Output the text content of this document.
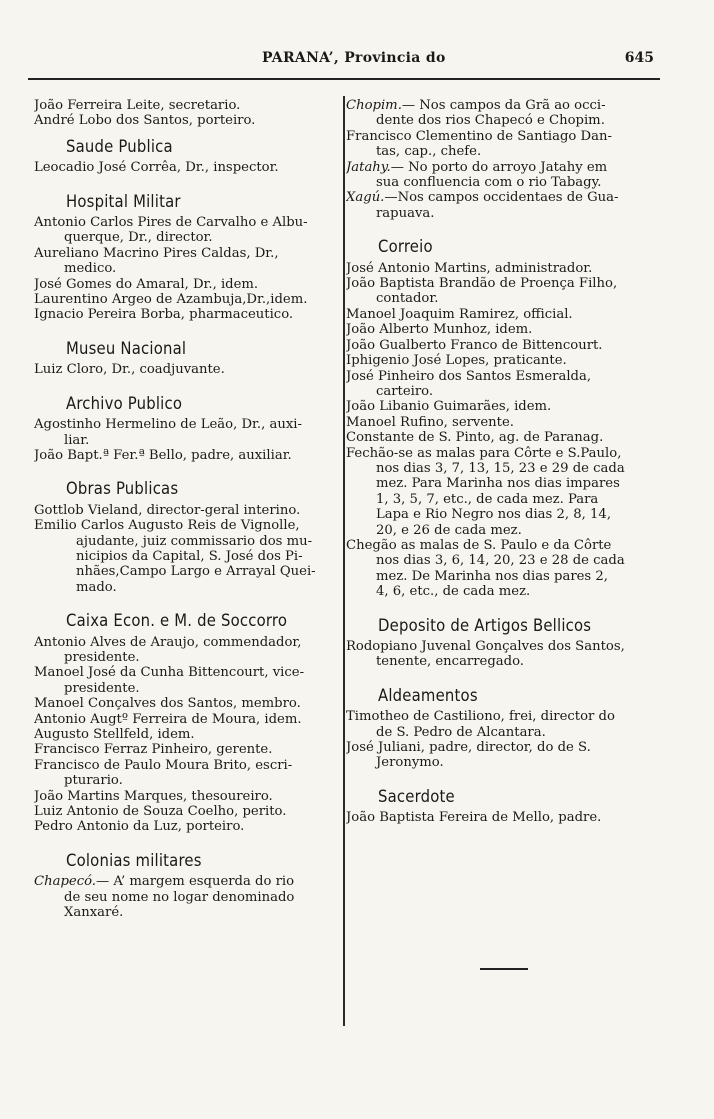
PARANA’, Provincia do	645

João Ferreira Leite, secretario.

André Lobo dos Santos, porteiro.

Saude Publica

Leocadio José Corrêa, Dr., inspector.

Hospital Militar

Antonio Carlos Pires de Carvalho e Albu-

querque, Dr., director.

Aureliano Macrino Pires Caldas, Dr.,

medico.

José Gomes do Amaral, Dr., idem.

Laurentino Argeo de Azambuja,Dr.,idem.

Ignacio Pereira Borba, pharmaceutico.

Museu Nacional

Luiz Cloro, Dr., coadjuvante.

Archivo Publico

Agostinho Hermelino de Leão, Dr., auxi-

liar.

João Bapt.ª Fer.ª Bello, padre, auxiliar.

Obras Publicas

Gottlob Vieland, director-geral interino.

Emilio Carlos Augusto Reis de Vignolle,

ajudante, juiz commissario dos mu-

nicipios da Capital, S. José dos Pi-

nhães,Campo Largo e Arrayal Quei-

mado.

Caixa Econ. e M. de Soccorro

Antonio Alves de Araujo, commendador,

presidente.

Manoel José da Cunha Bittencourt, vice-

presidente.

Manoel Conçalves dos Santos, membro.

Antonio Augtº Ferreira de Moura, idem.

Augusto Stellfeld, idem.

Francisco Ferraz Pinheiro, gerente.

Francisco de Paulo Moura Brito, escri-

pturario.

João Martins Marques, thesoureiro.

Luiz Antonio de Souza Coelho, perito.

Pedro Antonio da Luz, porteiro.

Colonias militares

Chapecó.— A’ margem esquerda do rio

de seu nome no logar denominado

Xanxaré.

Chopim.— Nos campos da Grã ao occi-

dente dos rios Chapecó e Chopim.

Francisco Clementino de Santiago Dan-

tas, cap., chefe.

Jatahy.— No porto do arroyo Jatahy em

sua confluencia com o rio Tabagy.

Xagú.—Nos campos occidentaes de Gua-

rapuava.

Correio

José Antonio Martins, administrador.

João Baptista Brandão de Proença Filho,

contador.

Manoel Joaquim Ramirez, official.

João Alberto Munhoz, idem.

João Gualberto Franco de Bittencourt.

Iphigenio José Lopes, praticante.

José Pinheiro dos Santos Esmeralda,

carteiro.

João Libanio Guimarães, idem.

Manoel Rufino, servente.

Constante de S. Pinto, ag. de Paranag.

Fechão-se as malas para Côrte e S.Paulo,

nos dias 3, 7, 13, 15, 23 e 29 de cada

mez. Para Marinha nos dias impares

1, 3, 5, 7, etc., de cada mez. Para

Lapa e Rio Negro nos dias 2, 8, 14,

20, e 26 de cada mez.

Chegão as malas de S. Paulo e da Côrte

nos dias 3, 6, 14, 20, 23 e 28 de cada

mez. De Marinha nos dias pares 2,

4, 6, etc., de cada mez.

Deposito de Artigos Bellicos

Rodopiano Juvenal Gonçalves dos Santos,

tenente, encarregado.

Aldeamentos

Timotheo de Castiliono, frei, director do

de S. Pedro de Alcantara.

José Juliani, padre, director, do de S.

Jeronymo.

Sacerdote

João Baptista Fereira de Mello, padre.
